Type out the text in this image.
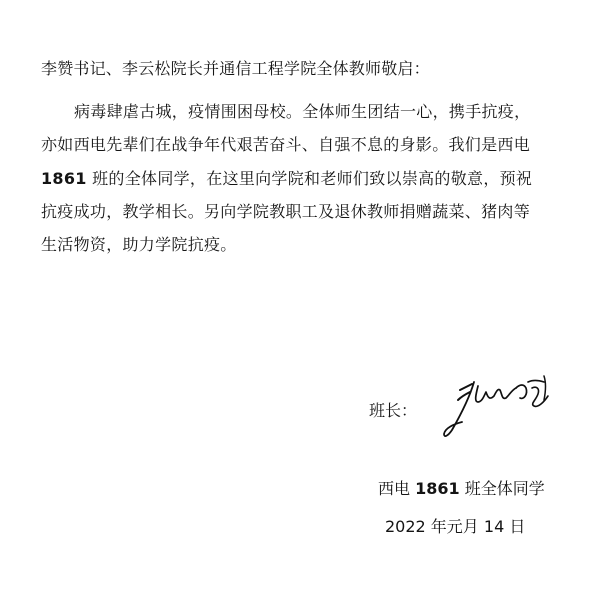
李赞书记、李云松院长并通信工程学院全体教师敬启：
病毒肆虐古城，疫情围困母校。全体师生团结一心，携手抗疫，
亦如西电先辈们在战争年代艰苦奋斗、自强不息的身影。我们是西电
1861 班的全体同学，在这里向学院和老师们致以崇高的敬意，预祝
抗疫成功，教学相长。另向学院教职工及退休教师捐赠蔬菜、猪肉等
生活物资，助力学院抗疫。
班长：
西电 1861 班全体同学
2022 年元月 14 日
